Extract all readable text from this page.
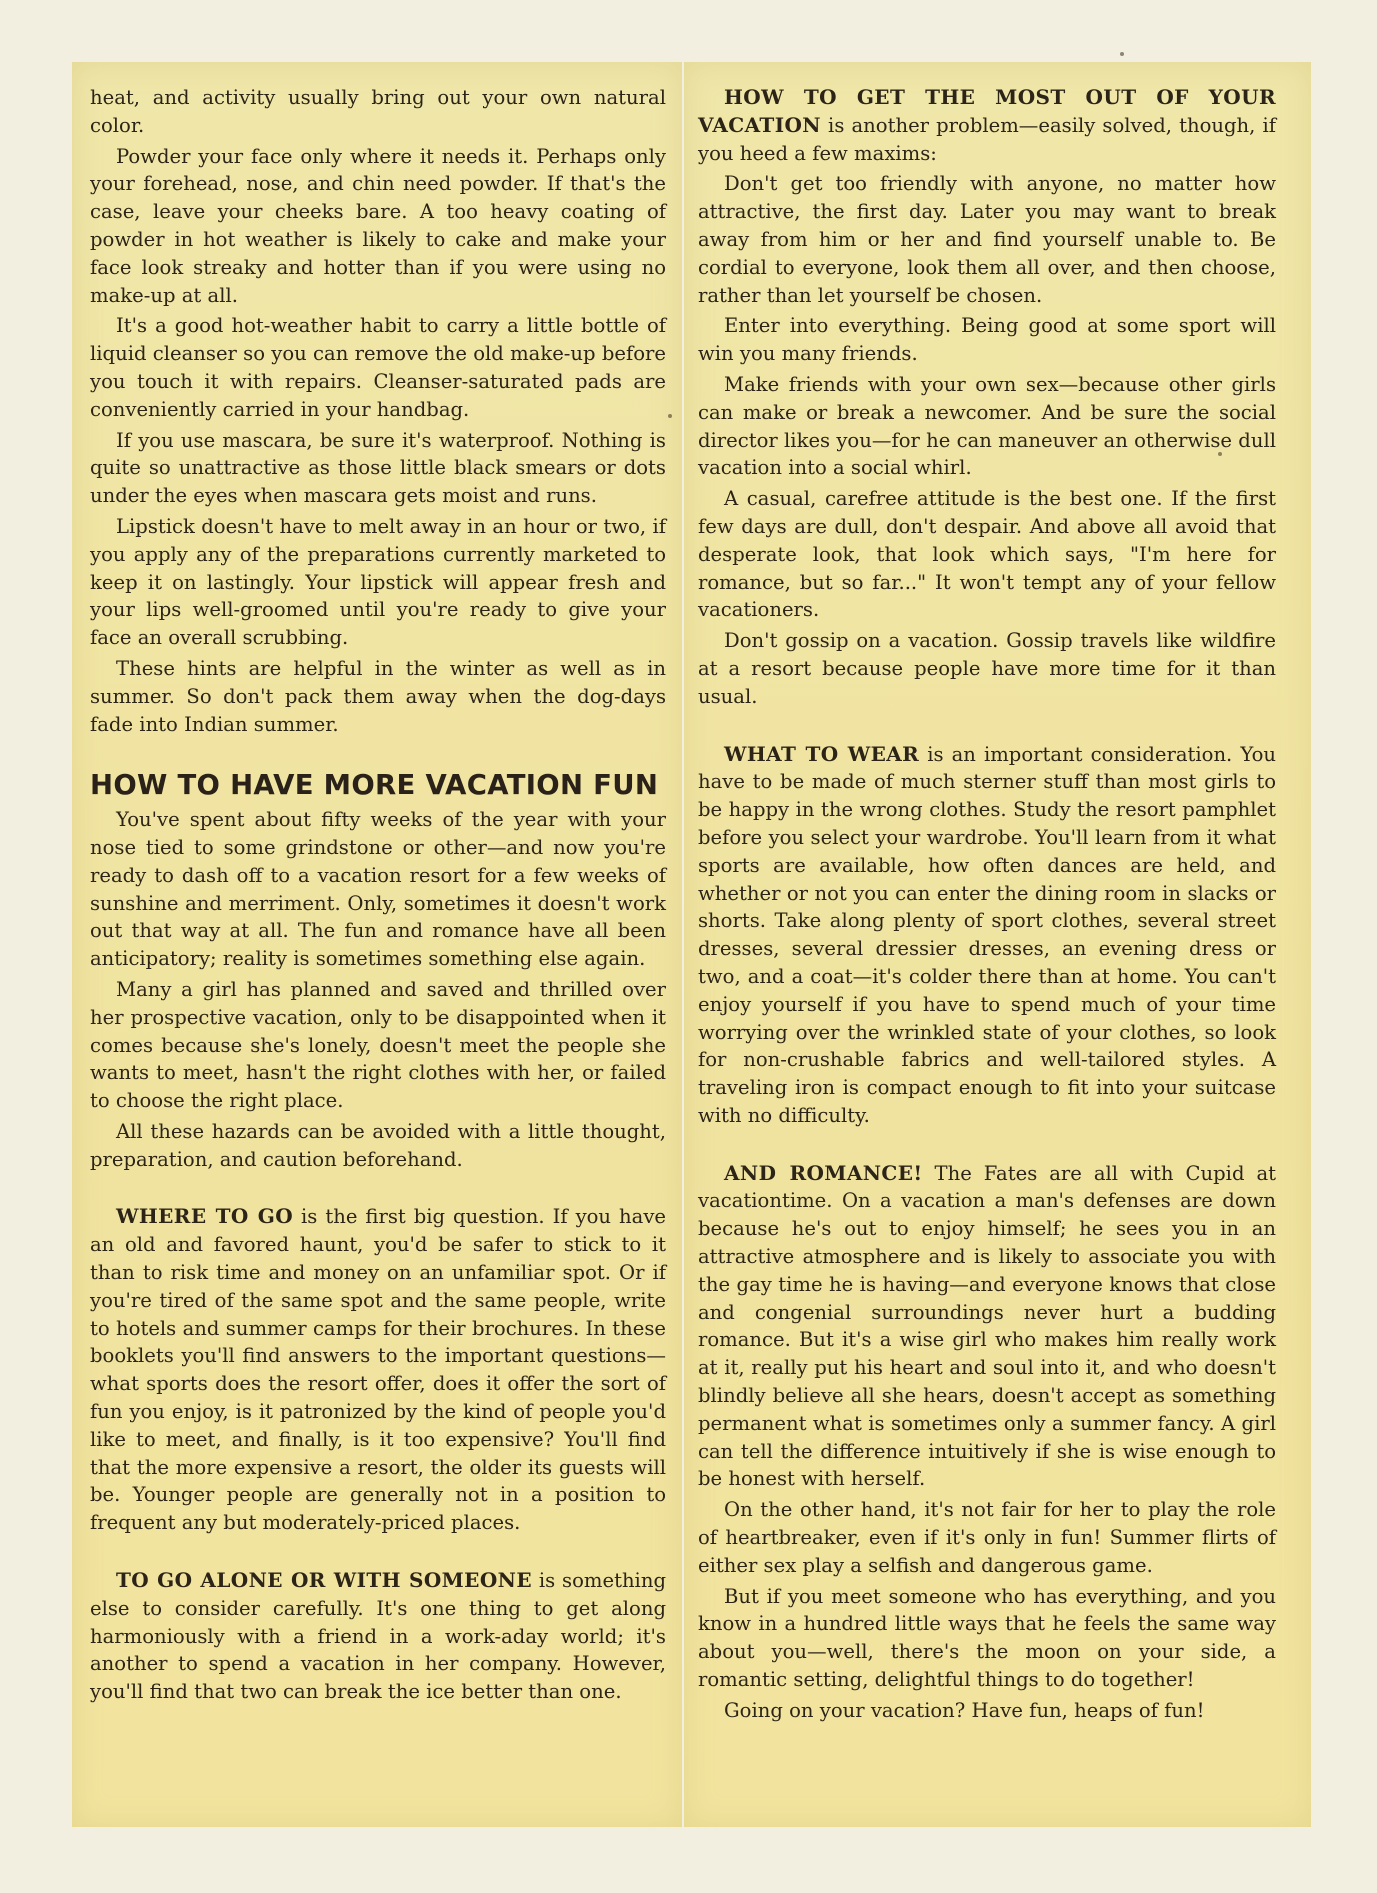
heat, and activity usually bring out your own natural color.

Powder your face only where it needs it. Perhaps only your forehead, nose, and chin need powder. If that's the case, leave your cheeks bare. A too heavy coating of powder in hot weather is likely to cake and make your face look streaky and hotter than if you were using no make-up at all.

It's a good hot-weather habit to carry a little bottle of liquid cleanser so you can remove the old make-up before you touch it with repairs. Cleanser-saturated pads are conveniently carried in your handbag.

If you use mascara, be sure it's waterproof. Nothing is quite so unattractive as those little black smears or dots under the eyes when mascara gets moist and runs.

Lipstick doesn't have to melt away in an hour or two, if you apply any of the preparations currently marketed to keep it on lastingly. Your lipstick will appear fresh and your lips well-groomed until you're ready to give your face an overall scrubbing.

These hints are helpful in the winter as well as in summer. So don't pack them away when the dog-days fade into Indian summer.

HOW TO HAVE MORE VACATION FUN

You've spent about fifty weeks of the year with your nose tied to some grindstone or other—and now you're ready to dash off to a vacation resort for a few weeks of sunshine and merriment. Only, sometimes it doesn't work out that way at all. The fun and romance have all been anticipatory; reality is sometimes something else again.

Many a girl has planned and saved and thrilled over her prospective vacation, only to be disappointed when it comes because she's lonely, doesn't meet the people she wants to meet, hasn't the right clothes with her, or failed to choose the right place.

All these hazards can be avoided with a little thought, preparation, and caution beforehand.

WHERE TO GO is the first big question. If you have an old and favored haunt, you'd be safer to stick to it than to risk time and money on an unfamiliar spot. Or if you're tired of the same spot and the same people, write to hotels and summer camps for their brochures. In these booklets you'll find answers to the important questions—what sports does the resort offer, does it offer the sort of fun you enjoy, is it patronized by the kind of people you'd like to meet, and finally, is it too expensive? You'll find that the more expensive a resort, the older its guests will be. Younger people are generally not in a position to frequent any but moderately-priced places.

TO GO ALONE OR WITH SOMEONE is something else to consider carefully. It's one thing to get along harmoniously with a friend in a work-aday world; it's another to spend a vacation in her company. However, you'll find that two can break the ice better than one.

HOW TO GET THE MOST OUT OF YOUR VACATION is another problem—easily solved, though, if you heed a few maxims:

Don't get too friendly with anyone, no matter how attractive, the first day. Later you may want to break away from him or her and find yourself unable to. Be cordial to everyone, look them all over, and then choose, rather than let yourself be chosen.

Enter into everything. Being good at some sport will win you many friends.

Make friends with your own sex—because other girls can make or break a newcomer. And be sure the social director likes you—for he can maneuver an otherwise dull vacation into a social whirl.

A casual, carefree attitude is the best one. If the first few days are dull, don't despair. And above all avoid that desperate look, that look which says, "I'm here for romance, but so far..." It won't tempt any of your fellow vacationers.

Don't gossip on a vacation. Gossip travels like wildfire at a resort because people have more time for it than usual.

WHAT TO WEAR is an important consideration. You have to be made of much sterner stuff than most girls to be happy in the wrong clothes. Study the resort pamphlet before you select your wardrobe. You'll learn from it what sports are available, how often dances are held, and whether or not you can enter the dining room in slacks or shorts. Take along plenty of sport clothes, several street dresses, several dressier dresses, an evening dress or two, and a coat—it's colder there than at home. You can't enjoy yourself if you have to spend much of your time worrying over the wrinkled state of your clothes, so look for non-crushable fabrics and well-tailored styles. A traveling iron is compact enough to fit into your suitcase with no difficulty.

AND ROMANCE! The Fates are all with Cupid at vacationtime. On a vacation a man's defenses are down because he's out to enjoy himself; he sees you in an attractive atmosphere and is likely to associate you with the gay time he is having—and everyone knows that close and congenial surroundings never hurt a budding romance. But it's a wise girl who makes him really work at it, really put his heart and soul into it, and who doesn't blindly believe all she hears, doesn't accept as something permanent what is sometimes only a summer fancy. A girl can tell the difference intuitively if she is wise enough to be honest with herself.

On the other hand, it's not fair for her to play the role of heartbreaker, even if it's only in fun! Summer flirts of either sex play a selfish and dangerous game.

But if you meet someone who has everything, and you know in a hundred little ways that he feels the same way about you—well, there's the moon on your side, a romantic setting, delightful things to do together!

Going on your vacation? Have fun, heaps of fun!
